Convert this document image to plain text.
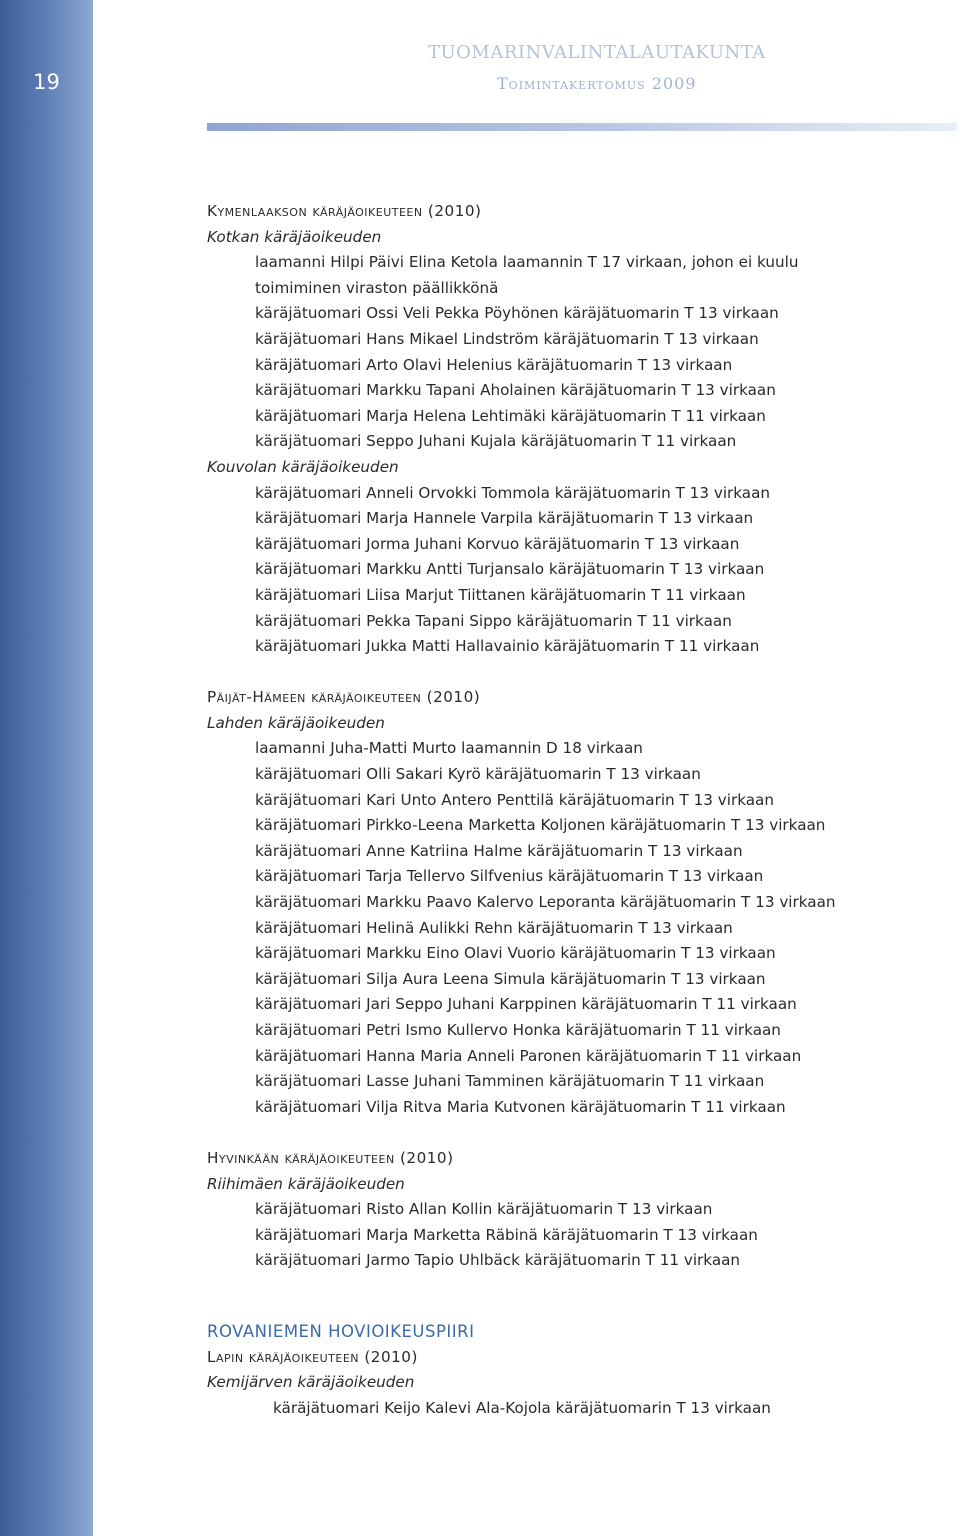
19
TUOMARINVALINTALAUTAKUNTA
Toimintakertomus 2009
Kymenlaakson käräjäoikeuteen (2010)
Kotkan käräjäoikeuden
laamanni Hilpi Päivi Elina Ketola laamannin T 17 virkaan, johon ei kuulu
toimiminen viraston päällikkönä
käräjätuomari Ossi Veli Pekka Pöyhönen käräjätuomarin T 13 virkaan
käräjätuomari Hans Mikael Lindström käräjätuomarin T 13 virkaan
käräjätuomari Arto Olavi Helenius käräjätuomarin T 13 virkaan
käräjätuomari Markku Tapani Aholainen käräjätuomarin T 13 virkaan
käräjätuomari Marja Helena Lehtimäki käräjätuomarin T 11 virkaan
käräjätuomari Seppo Juhani Kujala käräjätuomarin T 11 virkaan
Kouvolan käräjäoikeuden
käräjätuomari Anneli Orvokki Tommola käräjätuomarin T 13 virkaan
käräjätuomari Marja Hannele Varpila käräjätuomarin T 13 virkaan
käräjätuomari Jorma Juhani Korvuo käräjätuomarin T 13 virkaan
käräjätuomari Markku Antti Turjansalo käräjätuomarin T 13 virkaan
käräjätuomari Liisa Marjut Tiittanen käräjätuomarin T 11 virkaan
käräjätuomari Pekka Tapani Sippo käräjätuomarin T 11 virkaan
käräjätuomari Jukka Matti Hallavainio käräjätuomarin T 11 virkaan
Päijät-Hämeen käräjäoikeuteen (2010)
Lahden käräjäoikeuden
laamanni Juha-Matti Murto laamannin D 18 virkaan
käräjätuomari Olli Sakari Kyrö käräjätuomarin T 13 virkaan
käräjätuomari Kari Unto Antero Penttilä käräjätuomarin T 13 virkaan
käräjätuomari Pirkko-Leena Marketta Koljonen käräjätuomarin T 13 virkaan
käräjätuomari Anne Katriina Halme käräjätuomarin T 13 virkaan
käräjätuomari Tarja Tellervo Silfvenius käräjätuomarin T 13 virkaan
käräjätuomari Markku Paavo Kalervo Leporanta käräjätuomarin T 13 virkaan
käräjätuomari Helinä Aulikki Rehn käräjätuomarin T 13 virkaan
käräjätuomari Markku Eino Olavi Vuorio käräjätuomarin T 13 virkaan
käräjätuomari Silja Aura Leena Simula käräjätuomarin T 13 virkaan
käräjätuomari Jari Seppo Juhani Karppinen käräjätuomarin T 11 virkaan
käräjätuomari Petri Ismo Kullervo Honka käräjätuomarin T 11 virkaan
käräjätuomari Hanna Maria Anneli Paronen käräjätuomarin T 11 virkaan
käräjätuomari Lasse Juhani Tamminen käräjätuomarin T 11 virkaan
käräjätuomari Vilja Ritva Maria Kutvonen käräjätuomarin T 11 virkaan
Hyvinkään käräjäoikeuteen (2010)
Riihimäen käräjäoikeuden
käräjätuomari Risto Allan Kollin käräjätuomarin T 13 virkaan
käräjätuomari Marja Marketta Räbinä käräjätuomarin T 13 virkaan
käräjätuomari Jarmo Tapio Uhlbäck käräjätuomarin T 11 virkaan
ROVANIEMEN HOVIOIKEUSPIIRI
Lapin käräjäoikeuteen (2010)
Kemijärven käräjäoikeuden
käräjätuomari Keijo Kalevi Ala-Kojola käräjätuomarin T 13 virkaan
